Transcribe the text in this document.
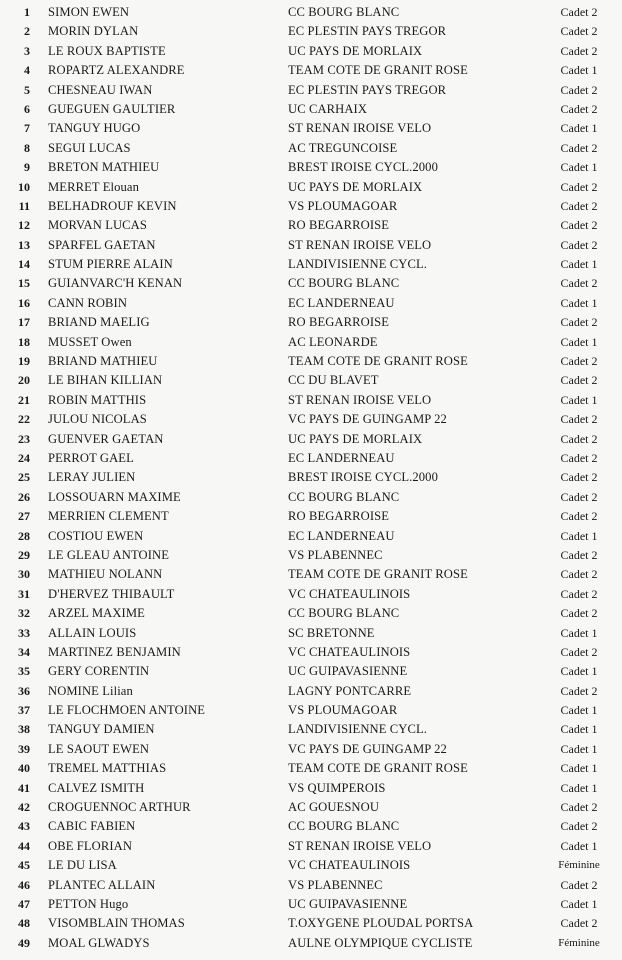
1 SIMON EWEN	CC BOURG BLANC	Cadet 2
2 MORIN DYLAN	EC PLESTIN PAYS TREGOR	Cadet 2
3 LE ROUX BAPTISTE	UC PAYS DE MORLAIX	Cadet 2
4 ROPARTZ ALEXANDRE	TEAM COTE DE GRANIT ROSE	Cadet 1
5 CHESNEAU IWAN	EC PLESTIN PAYS TREGOR	Cadet 2
6 GUEGUEN GAULTIER	UC CARHAIX	Cadet 2
7 TANGUY HUGO	ST RENAN IROISE VELO	Cadet 1
8 SEGUI LUCAS	AC TREGUNCOISE	Cadet 2
9 BRETON MATHIEU	BREST IROISE CYCL.2000	Cadet 1
10 MERRET Elouan	UC PAYS DE MORLAIX	Cadet 2
11 BELHADROUF KEVIN	VS PLOUMAGOAR	Cadet 2
12 MORVAN LUCAS	RO BEGARROISE	Cadet 2
13 SPARFEL GAETAN	ST RENAN IROISE VELO	Cadet 2
14 STUM PIERRE ALAIN	LANDIVISIENNE CYCL.	Cadet 1
15 GUIANVARC'H KENAN	CC BOURG BLANC	Cadet 2
16 CANN ROBIN	EC LANDERNEAU	Cadet 1
17 BRIAND MAELIG	RO BEGARROISE	Cadet 2
18 MUSSET Owen	AC LEONARDE	Cadet 1
19 BRIAND MATHIEU	TEAM COTE DE GRANIT ROSE	Cadet 2
20 LE BIHAN KILLIAN	CC DU BLAVET	Cadet 2
21 ROBIN MATTHIS	ST RENAN IROISE VELO	Cadet 1
22 JULOU NICOLAS	VC PAYS DE GUINGAMP 22	Cadet 2
23 GUENVER GAETAN	UC PAYS DE MORLAIX	Cadet 2
24 PERROT GAEL	EC LANDERNEAU	Cadet 2
25 LERAY JULIEN	BREST IROISE CYCL.2000	Cadet 2
26 LOSSOUARN MAXIME	CC BOURG BLANC	Cadet 2
27 MERRIEN CLEMENT	RO BEGARROISE	Cadet 2
28 COSTIOU EWEN	EC LANDERNEAU	Cadet 1
29 LE GLEAU ANTOINE	VS PLABENNEC	Cadet 2
30 MATHIEU NOLANN	TEAM COTE DE GRANIT ROSE	Cadet 2
31 D'HERVEZ THIBAULT	VC CHATEAULINOIS	Cadet 2
32 ARZEL MAXIME	CC BOURG BLANC	Cadet 2
33 ALLAIN LOUIS	SC BRETONNE	Cadet 1
34 MARTINEZ BENJAMIN	VC CHATEAULINOIS	Cadet 2
35 GERY CORENTIN	UC GUIPAVASIENNE	Cadet 1
36 NOMINE Lilian	LAGNY PONTCARRE	Cadet 2
37 LE FLOCHMOEN ANTOINE	VS PLOUMAGOAR	Cadet 1
38 TANGUY DAMIEN	LANDIVISIENNE CYCL.	Cadet 1
39 LE SAOUT EWEN	VC PAYS DE GUINGAMP 22	Cadet 1
40 TREMEL MATTHIAS	TEAM COTE DE GRANIT ROSE	Cadet 1
41 CALVEZ ISMITH	VS QUIMPEROIS	Cadet 1
42 CROGUENNOC ARTHUR	AC GOUESNOU	Cadet 2
43 CABIC FABIEN	CC BOURG BLANC	Cadet 2
44 OBE FLORIAN	ST RENAN IROISE VELO	Cadet 1
45 LE DU LISA	VC CHATEAULINOIS	Féminine
46 PLANTEC ALLAIN	VS PLABENNEC	Cadet 2
47 PETTON Hugo	UC GUIPAVASIENNE	Cadet 1
48 VISOMBLAIN THOMAS	T.OXYGENE PLOUDAL PORTSA	Cadet 2
49 MOAL GLWADYS	AULNE OLYMPIQUE CYCLISTE	Féminine
